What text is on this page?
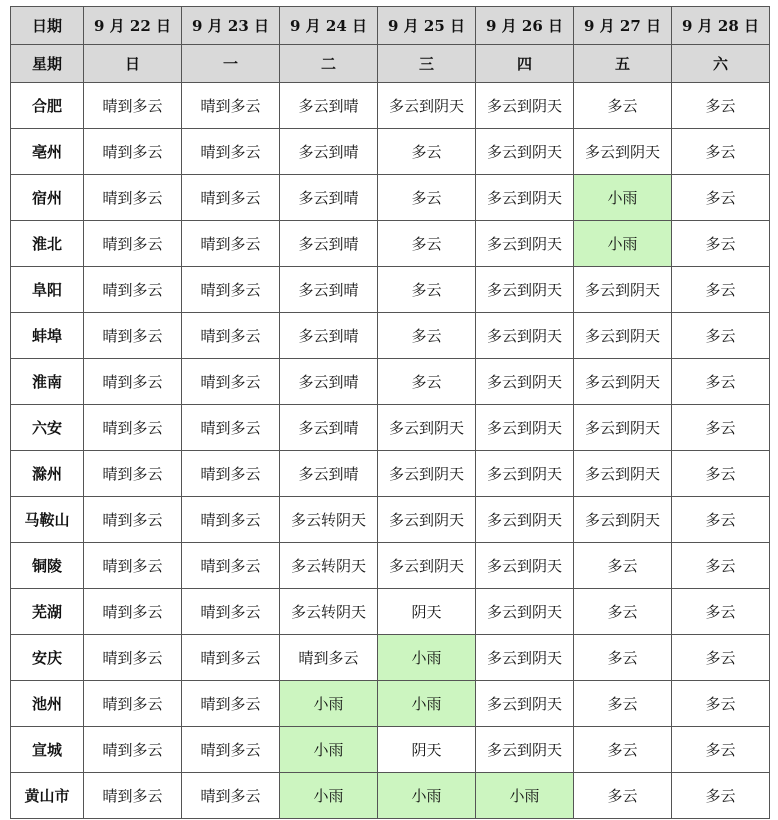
日期	9 月 22 日	9 月 23 日	9 月 24 日	9 月 25 日	9 月 26 日	9 月 27 日	9 月 28 日
星期	日	一	二	三	四	五	六
合肥	晴到多云	晴到多云	多云到晴	多云到阴天	多云到阴天	多云	多云
亳州	晴到多云	晴到多云	多云到晴	多云	多云到阴天	多云到阴天	多云
宿州	晴到多云	晴到多云	多云到晴	多云	多云到阴天	小雨	多云
淮北	晴到多云	晴到多云	多云到晴	多云	多云到阴天	小雨	多云
阜阳	晴到多云	晴到多云	多云到晴	多云	多云到阴天	多云到阴天	多云
蚌埠	晴到多云	晴到多云	多云到晴	多云	多云到阴天	多云到阴天	多云
淮南	晴到多云	晴到多云	多云到晴	多云	多云到阴天	多云到阴天	多云
六安	晴到多云	晴到多云	多云到晴	多云到阴天	多云到阴天	多云到阴天	多云
滁州	晴到多云	晴到多云	多云到晴	多云到阴天	多云到阴天	多云到阴天	多云
马鞍山	晴到多云	晴到多云	多云转阴天	多云到阴天	多云到阴天	多云到阴天	多云
铜陵	晴到多云	晴到多云	多云转阴天	多云到阴天	多云到阴天	多云	多云
芜湖	晴到多云	晴到多云	多云转阴天	阴天	多云到阴天	多云	多云
安庆	晴到多云	晴到多云	晴到多云	小雨	多云到阴天	多云	多云
池州	晴到多云	晴到多云	小雨	小雨	多云到阴天	多云	多云
宣城	晴到多云	晴到多云	小雨	阴天	多云到阴天	多云	多云
黄山市	晴到多云	晴到多云	小雨	小雨	小雨	多云	多云
